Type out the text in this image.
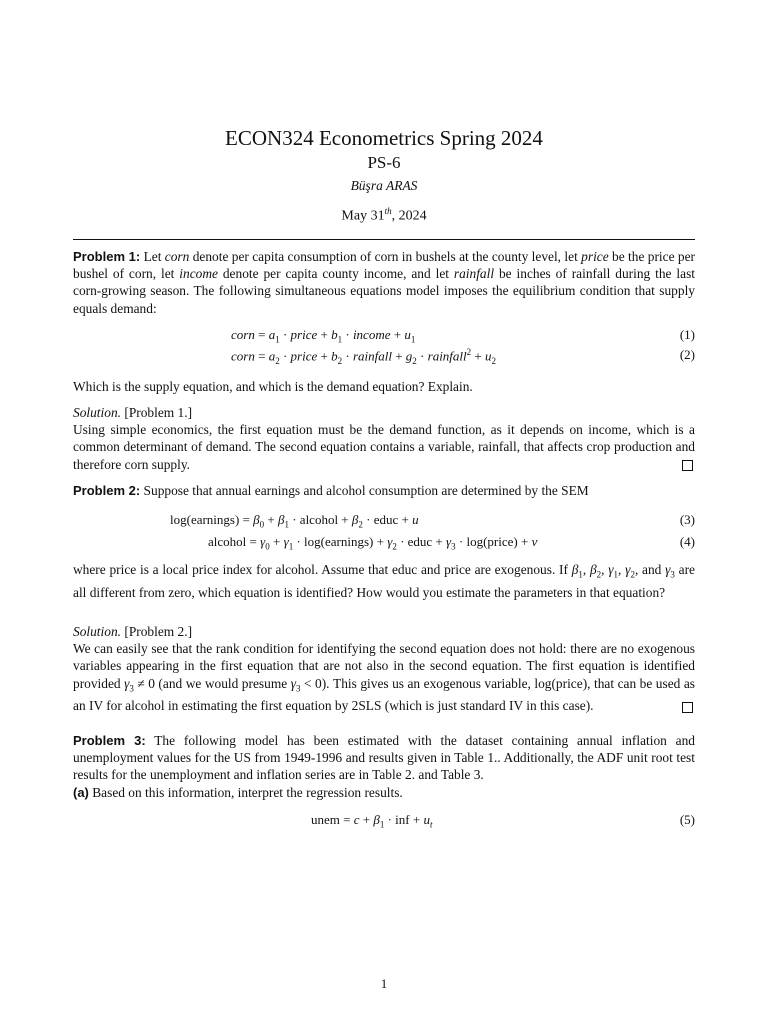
ECON324 Econometrics Spring 2024
PS-6
Büşra ARAS
May 31th, 2024
Problem 1: Let corn denote per capita consumption of corn in bushels at the county level, let price be the price per bushel of corn, let income denote per capita county income, and let rainfall be inches of rainfall during the last corn-growing season. The following simultaneous equations model imposes the equilibrium condition that supply equals demand:
corn = $a_1$ · price + $b_1$ · income + $u_1$	(1)
corn = $a_2$ · price + $b_2$ · rainfall + $g_2$ · rainfall$^2$ + $u_2$	(2)
Which is the supply equation, and which is the demand equation? Explain.
Solution. [Problem 1.]
Using simple economics, the first equation must be the demand function, as it depends on income, which is a common determinant of demand. The second equation contains a variable, rainfall, that affects crop production and therefore corn supply.
Problem 2: Suppose that annual earnings and alcohol consumption are determined by the SEM
log(earnings) = $\beta_0 + \beta_1$ · alcohol + $\beta_2$ · educ + u	(3)
alcohol = $\gamma_0 + \gamma_1$ · log(earnings) + $\gamma_2$ · educ + $\gamma_3$ · log(price) + v	(4)
where price is a local price index for alcohol. Assume that educ and price are exogenous. If $\beta_1$, $\beta_2$, $\gamma_1$, $\gamma_2$, and $\gamma_3$ are all different from zero, which equation is identified? How would you estimate the parameters in that equation?
Solution. [Problem 2.]
We can easily see that the rank condition for identifying the second equation does not hold: there are no exogenous variables appearing in the first equation that are not also in the second equation. The first equation is identified provided $\gamma_3 \ne 0$ (and we would presume $\gamma_3 < 0$). This gives us an exogenous variable, log(price), that can be used as an IV for alcohol in estimating the first equation by 2SLS (which is just standard IV in this case).
Problem 3: The following model has been estimated with the dataset containing annual inflation and unemployment values for the US from 1949-1996 and results given in Table 1.. Additionally, the ADF unit root test results for the unemployment and inflation series are in Table 2. and Table 3.
(a) Based on this information, interpret the regression results.
unem = $c + \beta_1$ · inf + $u_t$	(5)
1
